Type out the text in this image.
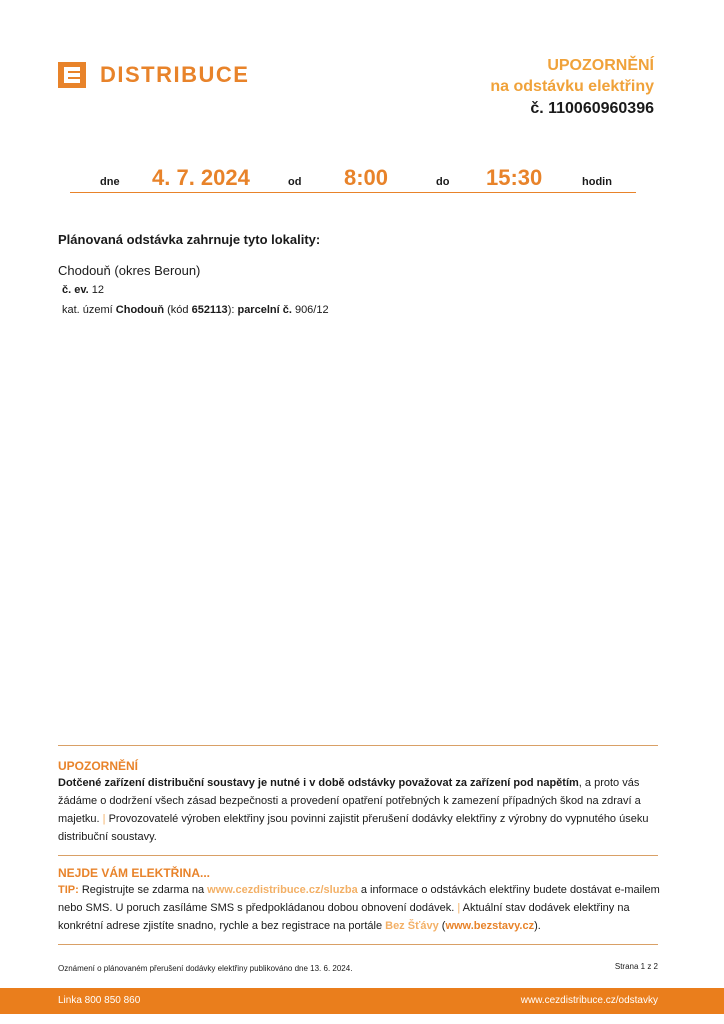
DISTRIBUCE	UPOZORNĚNÍ
na odstávku elektřiny
č. 110060960396
dne 4. 7. 2024	od 8:00	do 15:30	hodin
Plánovaná odstávka zahrnuje tyto lokality:
Chodouň (okres Beroun)
č. ev. 12
kat. území Chodouň (kód 652113): parcelní č. 906/12
UPOZORNĚNÍ
Dotčené zařízení distribuční soustavy je nutné i v době odstávky považovat za zařízení pod napětím, a proto vás žádáme o dodržení všech zásad bezpečnosti a provedení opatření potřebných k zamezení případných škod na zdraví a majetku. | Provozovatelé výroben elektřiny jsou povinni zajistit přerušení dodávky elektřiny z výrobny do vypnutého úseku distribuční soustavy.
NEJDE VÁM ELEKTŘINA...
TIP: Registrujte se zdarma na www.cezdistribuce.cz/sluzba a informace o odstávkách elektřiny budete dostávat e-mailem nebo SMS. U poruch zasíláme SMS s předpokládanou dobou obnovení dodávek. | Aktuální stav dodávek elektřiny na konkrétní adrese zjistíte snadno, rychle a bez registrace na portále Bez Šťávy (www.bezstavy.cz).
Oznámení o plánovaném přerušení dodávky elektřiny publikováno dne 13. 6. 2024.	Strana 1 z 2
Linka 800 850 860	www.cezdistribuce.cz/odstavky
